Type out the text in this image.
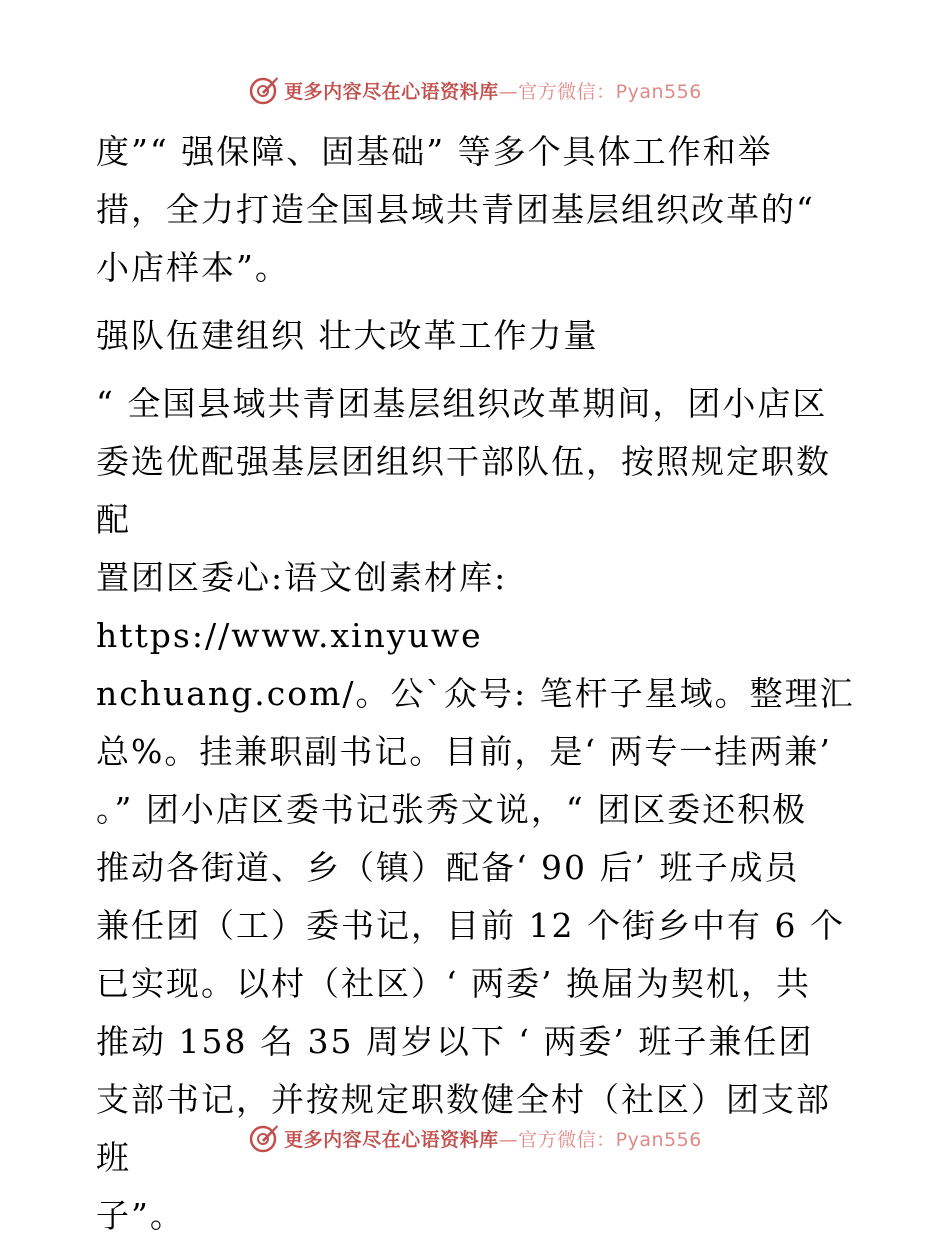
更多内容尽在心语资料库 —官方微信：Pyan556

度”“ 强保障、固基础” 等多个具体工作和举

措，全力打造全国县域共青团基层组织改革的“

小店样本”。

强队伍建组织 壮大改革工作力量

“ 全国县域共青团基层组织改革期间，团小店区

委选优配强基层团组织干部队伍，按照规定职数配

置团区委心:语文创素材库: https://www.xinyuwe

nchuang.com/。公`众号: 笔杆子星域。整理汇

总%。挂兼职副书记。目前，是‘ 两专一挂两兼’

。” 团小店区委书记张秀文说，“ 团区委还积极

推动各街道、乡（镇）配备‘ 90 后’ 班子成员

兼任团（工）委书记，目前 12 个街乡中有 6 个

已实现。以村（社区）‘ 两委’ 换届为契机，共

推动 158 名 35 周岁以下 ‘ 两委’ 班子兼任团

支部书记，并按规定职数健全村（社区）团支部班

子”。

更多内容尽在心语资料库 —官方微信：Pyan556
